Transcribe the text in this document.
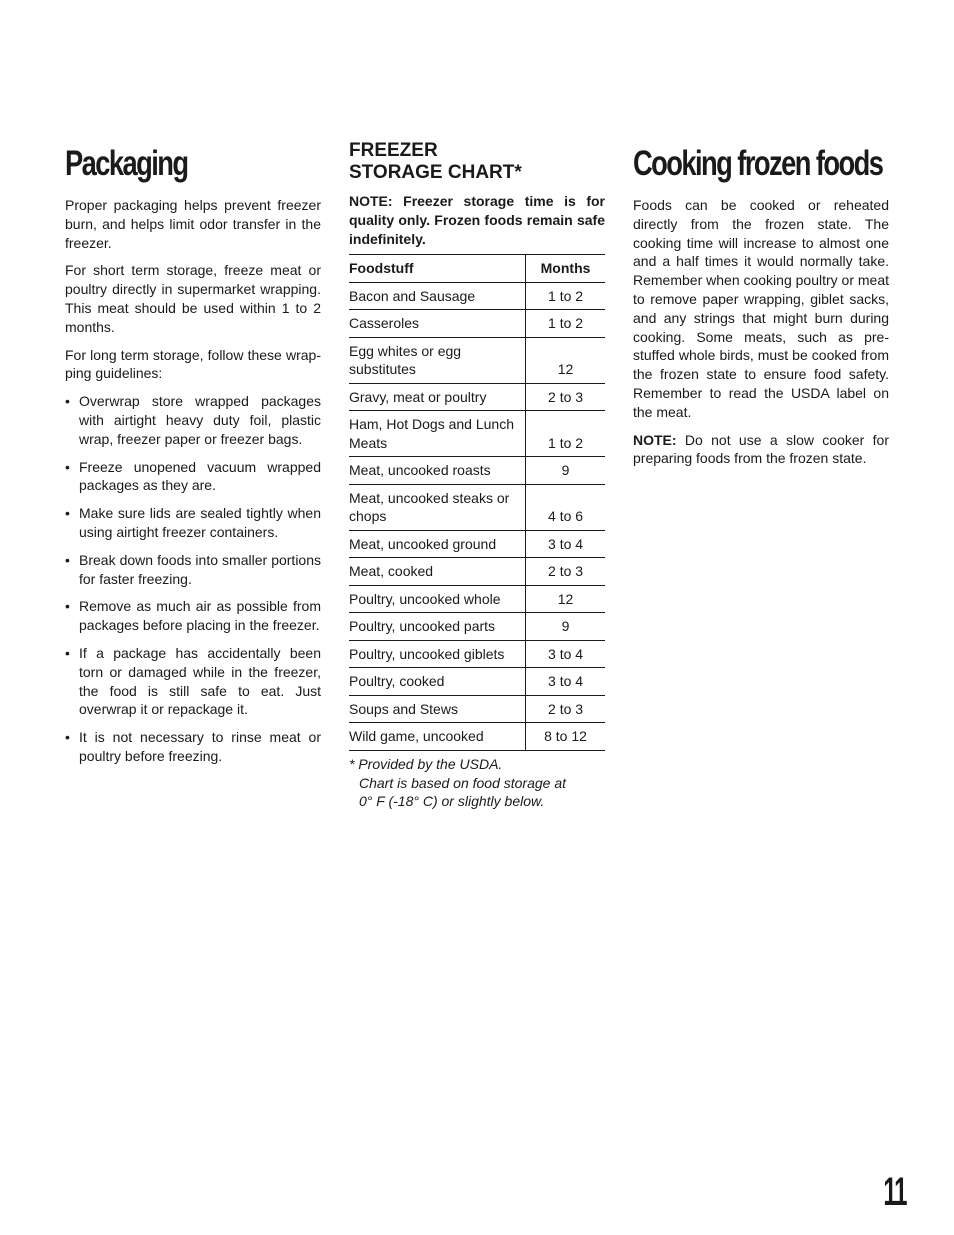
Packaging

Proper packaging helps prevent freezer burn, and helps limit odor transfer in the freezer.

For short term storage, freeze meat or poultry directly in supermarket wrapping. This meat should be used within 1 to 2 months.

For long term storage, follow these wrap-ping guidelines:

• Overwrap store wrapped packages with airtight heavy duty foil, plastic wrap, freezer paper or freezer bags.
• Freeze unopened vacuum wrapped packages as they are.
• Make sure lids are sealed tightly when using airtight freezer containers.
• Break down foods into smaller portions for faster freezing.
• Remove as much air as possible from packages before placing in the freezer.
• If a package has accidentally been torn or damaged while in the freezer, the food is still safe to eat. Just overwrap it or repackage it.
• It is not necessary to rinse meat or poultry before freezing.
FREEZER
STORAGE CHART*

NOTE: Freezer storage time is for quality only. Frozen foods remain safe indefinitely.

Foodstuff	Months
Bacon and Sausage	1 to 2
Casseroles	1 to 2
Egg whites or egg substitutes	12
Gravy, meat or poultry	2 to 3
Ham, Hot Dogs and Lunch Meats	1 to 2
Meat, uncooked roasts	9
Meat, uncooked steaks or chops	4 to 6
Meat, uncooked ground	3 to 4
Meat, cooked	2 to 3
Poultry, uncooked whole	12
Poultry, uncooked parts	9
Poultry, uncooked giblets	3 to 4
Poultry, cooked	3 to 4
Soups and Stews	2 to 3
Wild game, uncooked	8 to 12
* Provided by the USDA.
Chart is based on food storage at
0° F (-18° C) or slightly below.
Cooking frozen foods

Foods can be cooked or reheated directly from the frozen state. The cooking time will increase to almost one and a half times it would normally take. Remember when cooking poultry or meat to remove paper wrapping, giblet sacks, and any strings that might burn during cooking. Some meats, such as pre-stuffed whole birds, must be cooked from the frozen state to ensure food safety. Remember to read the USDA label on the meat.

NOTE: Do not use a slow cooker for preparing foods from the frozen state.

11
